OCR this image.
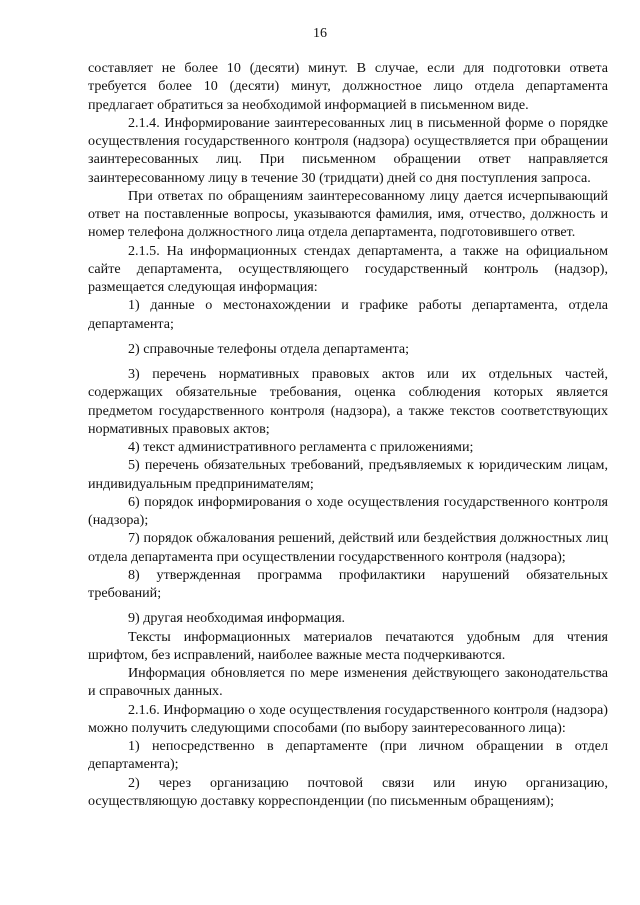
16

составляет не более 10 (десяти) минут. В случае, если для подготовки ответа требуется более 10 (десяти) минут, должностное лицо отдела департамента предлагает обратиться за необходимой информацией в письменном виде.

2.1.4. Информирование заинтересованных лиц в письменной форме о порядке осуществления государственного контроля (надзора) осуществляется при обращении заинтересованных лиц. При письменном обращении ответ направляется заинтересованному лицу в течение 30 (тридцати) дней со дня поступления запроса.

При ответах по обращениям заинтересованному лицу дается исчерпывающий ответ на поставленные вопросы, указываются фамилия, имя, отчество, должность и номер телефона должностного лица отдела департамента, подготовившего ответ.

2.1.5. На информационных стендах департамента, а также на официальном сайте департамента, осуществляющего государственный контроль (надзор), размещается следующая информация:

1) данные о местонахождении и графике работы департамента, отдела департамента;

2) справочные телефоны отдела департамента;

3) перечень нормативных правовых актов или их отдельных частей, содержащих обязательные требования, оценка соблюдения которых является предметом государственного контроля (надзора), а также текстов соответствующих нормативных правовых актов;

4) текст административного регламента с приложениями;

5) перечень обязательных требований, предъявляемых к юридическим лицам, индивидуальным предпринимателям;

6) порядок информирования о ходе осуществления государственного контроля (надзора);

7) порядок обжалования решений, действий или бездействия должностных лиц отдела департамента при осуществлении государственного контроля (надзора);

8) утвержденная программа профилактики нарушений обязательных требований;

9) другая необходимая информация.

Тексты информационных материалов печатаются удобным для чтения шрифтом, без исправлений, наиболее важные места подчеркиваются.

Информация обновляется по мере изменения действующего законодательства и справочных данных.

2.1.6. Информацию о ходе осуществления государственного контроля (надзора) можно получить следующими способами (по выбору заинтересованного лица):

1) непосредственно в департаменте (при личном обращении в отдел департамента);

2) через организацию почтовой связи или иную организацию, осуществляющую доставку корреспонденции (по письменным обращениям);
